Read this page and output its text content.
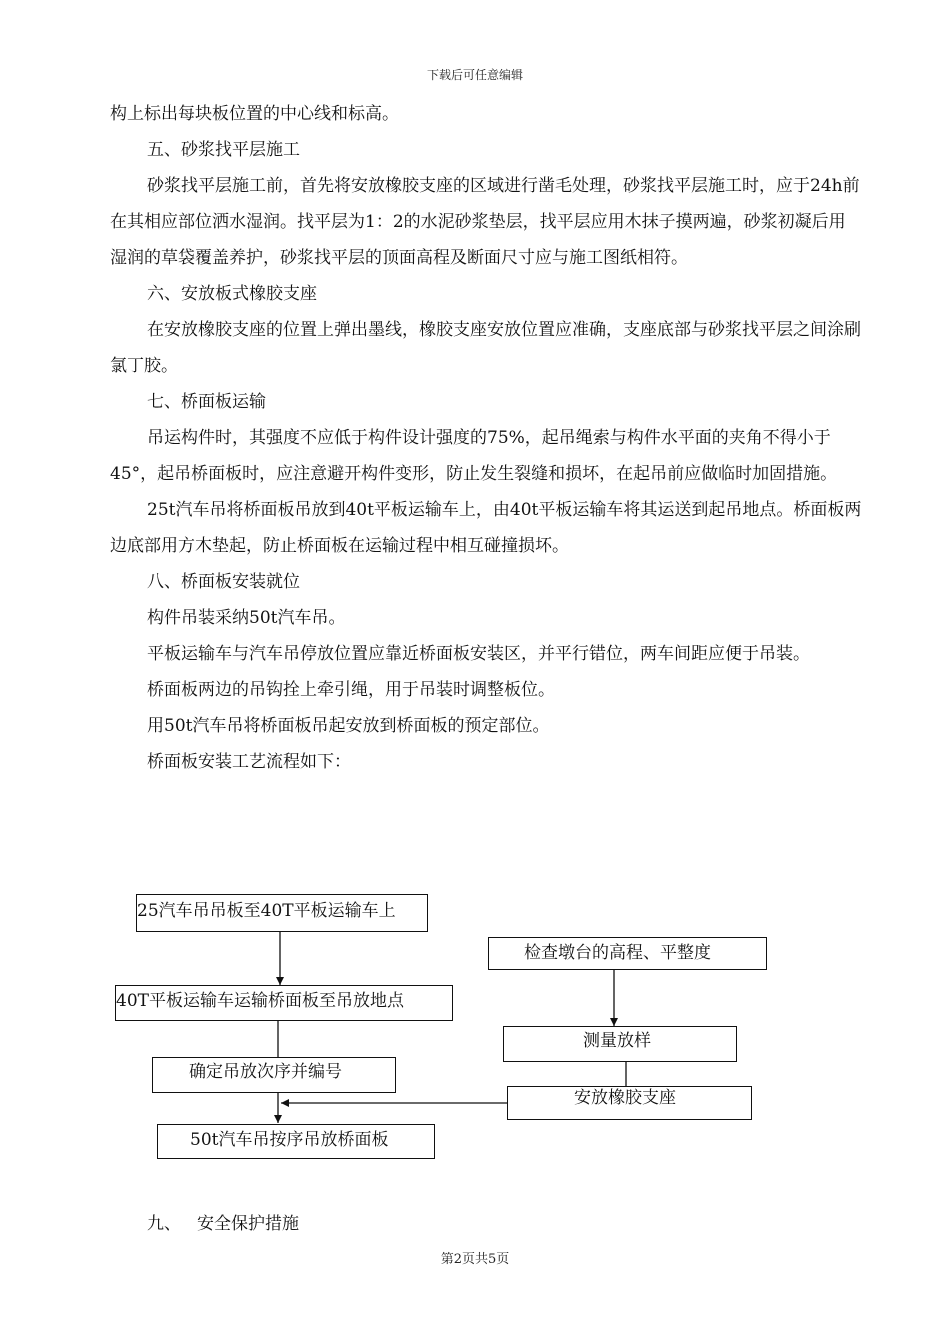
下载后可任意编辑

构上标出每块板位置的中心线和标高。

五、砂浆找平层施工

砂浆找平层施工前，首先将安放橡胶支座的区域进行凿毛处理，砂浆找平层施工时，应于24h前在其相应部位洒水湿润。找平层为1：2的水泥砂浆垫层，找平层应用木抹子摸两遍，砂浆初凝后用湿润的草袋覆盖养护，砂浆找平层的顶面高程及断面尺寸应与施工图纸相符。

六、安放板式橡胶支座

在安放橡胶支座的位置上弹出墨线，橡胶支座安放位置应准确，支座底部与砂浆找平层之间涂刷氯丁胶。

七、桥面板运输

吊运构件时，其强度不应低于构件设计强度的75%，起吊绳索与构件水平面的夹角不得小于45°，起吊桥面板时，应注意避开构件变形，防止发生裂缝和损坏，在起吊前应做临时加固措施。

25t汽车吊将桥面板吊放到40t平板运输车上，由40t平板运输车将其运送到起吊地点。桥面板两边底部用方木垫起，防止桥面板在运输过程中相互碰撞损坏。

八、桥面板安装就位

构件吊装采纳50t汽车吊。

平板运输车与汽车吊停放位置应靠近桥面板安装区，并平行错位，两车间距应便于吊装。

桥面板两边的吊钩拴上牵引绳，用于吊装时调整板位。

用50t汽车吊将桥面板吊起安放到桥面板的预定部位。

桥面板安装工艺流程如下：

25汽车吊吊板至40T平板运输车上
40T平板运输车运输桥面板至吊放地点
确定吊放次序并编号
50t汽车吊按序吊放桥面板
检查墩台的高程、平整度
测量放样
安放橡胶支座
九、 安全保护措施
第2页共5页
